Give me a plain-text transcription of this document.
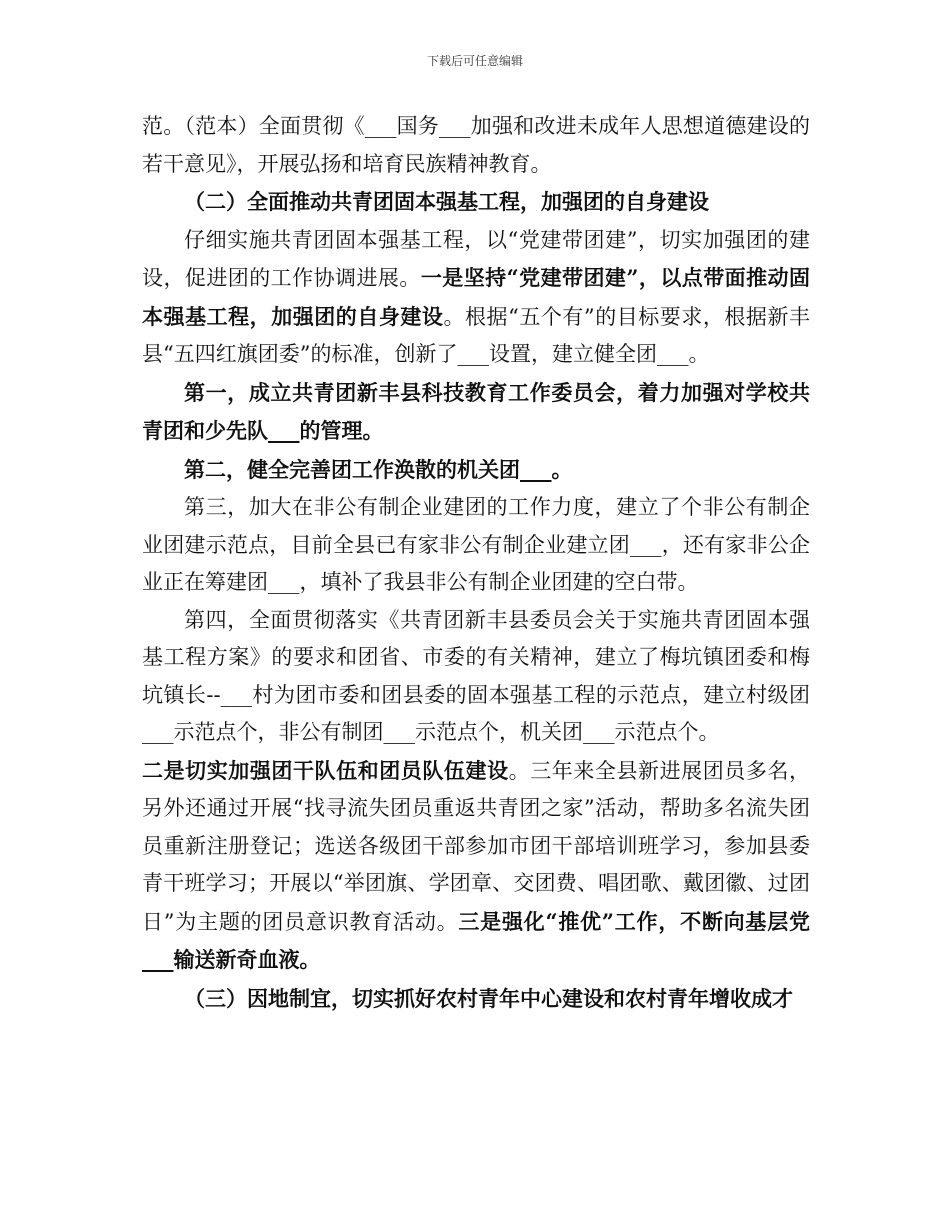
下载后可任意编辑

范。（范本）全面贯彻《___国务___加强和改进未成年人思想道德建设的若干意见》，开展弘扬和培育民族精神教育。

（二）全面推动共青团固本强基工程，加强团的自身建设

仔细实施共青团固本强基工程，以“党建带团建”，切实加强团的建设，促进团的工作协调进展。一是坚持“党建带团建”，以点带面推动固本强基工程，加强团的自身建设。根据“五个有”的目标要求，根据新丰县“五四红旗团委”的标准，创新了___设置，建立健全团___。

第一，成立共青团新丰县科技教育工作委员会，着力加强对学校共青团和少先队___的管理。

第二，健全完善团工作涣散的机关团___。

第三，加大在非公有制企业建团的工作力度，建立了个非公有制企业团建示范点，目前全县已有家非公有制企业建立团___，还有家非公企业正在筹建团___，填补了我县非公有制企业团建的空白带。

第四，全面贯彻落实《共青团新丰县委员会关于实施共青团固本强基工程方案》的要求和团省、市委的有关精神，建立了梅坑镇团委和梅坑镇长--___村为团市委和团县委的固本强基工程的示范点，建立村级团___示范点个，非公有制团___示范点个，机关团___示范点个。

二是切实加强团干队伍和团员队伍建设。三年来全县新进展团员多名，另外还通过开展“找寻流失团员重返共青团之家”活动，帮助多名流失团员重新注册登记；选送各级团干部参加市团干部培训班学习，参加县委青干班学习；开展以“举团旗、学团章、交团费、唱团歌、戴团徽、过团日”为主题的团员意识教育活动。三是强化“推优”工作，不断向基层党___输送新奇血液。

（三）因地制宜，切实抓好农村青年中心建设和农村青年增收成才
